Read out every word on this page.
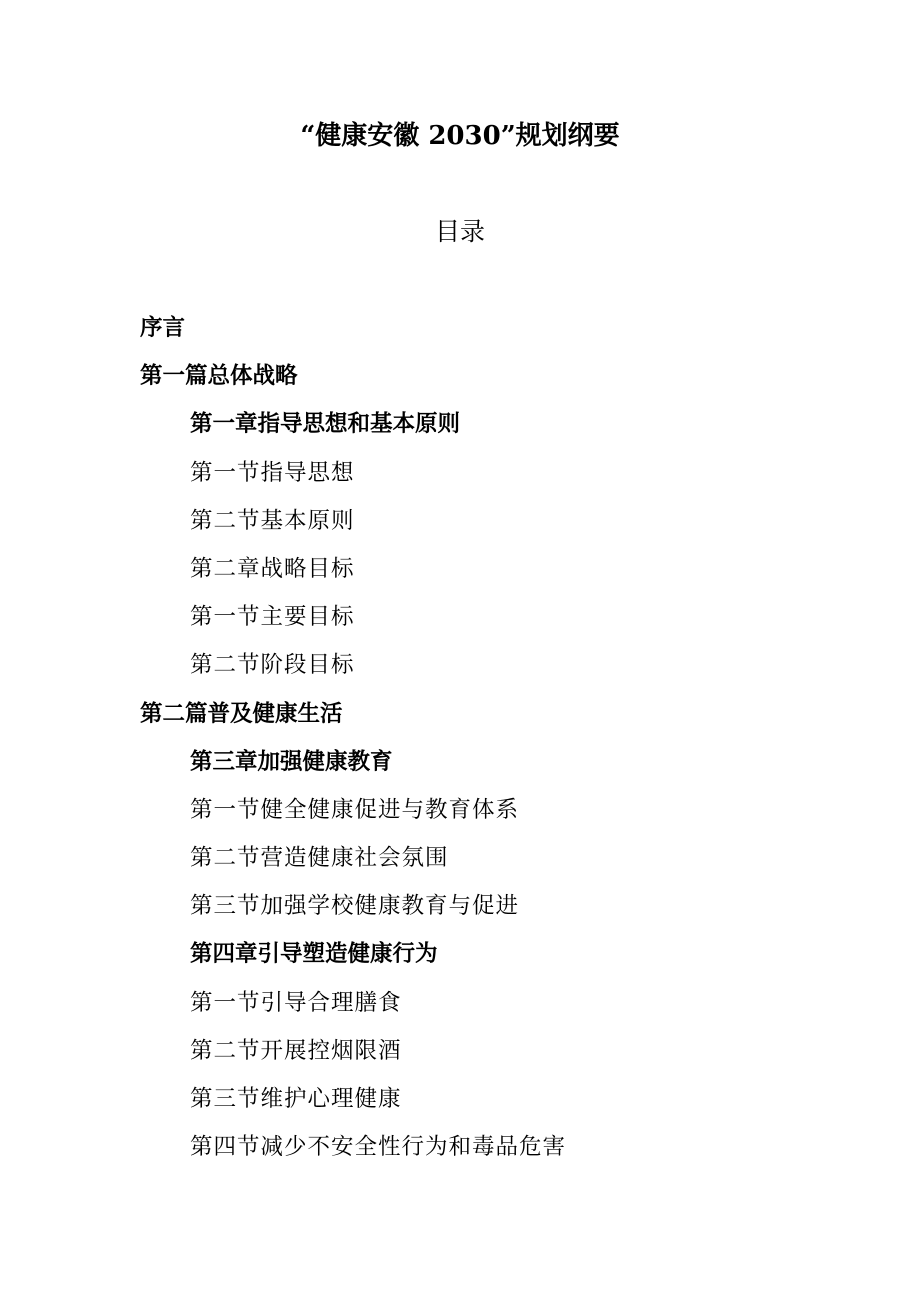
“健康安徽 2030”规划纲要
目录
序言
第一篇总体战略
第一章指导思想和基本原则
第一节指导思想
第二节基本原则
第二章战略目标
第一节主要目标
第二节阶段目标
第二篇普及健康生活
第三章加强健康教育
第一节健全健康促进与教育体系
第二节营造健康社会氛围
第三节加强学校健康教育与促进
第四章引导塑造健康行为
第一节引导合理膳食
第二节开展控烟限酒
第三节维护心理健康
第四节减少不安全性行为和毒品危害
